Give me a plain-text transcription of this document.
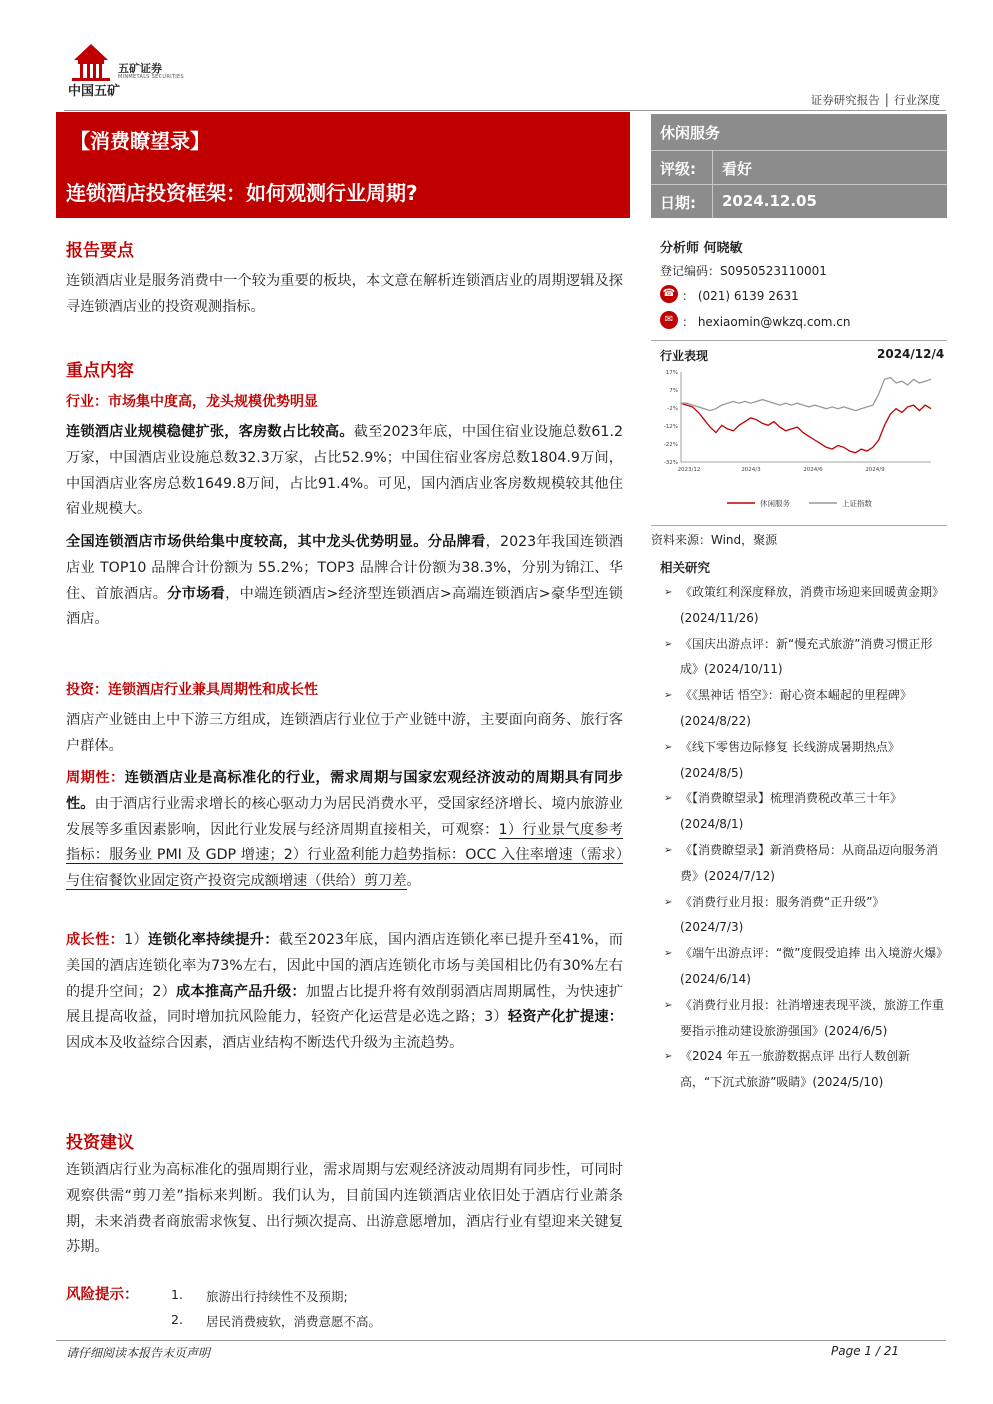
中国五矿
五矿证券
MINMETALS SECURITIES
证券研究报告 │ 行业深度
【消费瞭望录】
连锁酒店投资框架：如何观测行业周期?
休闲服务
评级: 看好
日期: 2024.12.05
分析师 何晓敏
登记编码：S0950523110001
☎ ： (021) 6139 2631
✉ ： hexiaomin@wkzq.com.cn
行业表现	2024/12/4
17%
7%
-2%
-12%
-22%
-32%
2023/12	2024/3	2024/6	2024/9
休闲服务	上证指数
资料来源：Wind，聚源
相关研究
➢ 《政策红利深度释放，消费市场迎来回暖黄金期》(2024/11/26)
➢ 《国庆出游点评：新“慢充式旅游”消费习惯正形成》(2024/10/11)
➢ 《《黑神话 悟空》：耐心资本崛起的里程碑》(2024/8/22)
➢ 《线下零售边际修复 长线游成暑期热点》(2024/8/5)
➢ 《【消费瞭望录】梳理消费税改革三十年》(2024/8/1)
➢ 《【消费瞭望录】新消费格局：从商品迈向服务消费》(2024/7/12)
➢ 《消费行业月报：服务消费“正升级”》(2024/7/3)
➢ 《端午出游点评：“微”度假受追捧 出入境游火爆》(2024/6/14)
➢ 《消费行业月报：社消增速表现平淡，旅游工作重要指示推动建设旅游强国》(2024/6/5)
➢ 《2024 年五一旅游数据点评 出行人数创新高，“下沉式旅游”吸睛》(2024/5/10)
报告要点
连锁酒店业是服务消费中一个较为重要的板块，本文意在解析连锁酒店业的周期逻辑及探寻连锁酒店业的投资观测指标。
重点内容
行业：市场集中度高，龙头规模优势明显
连锁酒店业规模稳健扩张，客房数占比较高。截至2023年底，中国住宿业设施总数61.2万家，中国酒店业设施总数32.3万家，占比52.9%；中国住宿业客房总数1804.9万间，中国酒店业客房总数1649.8万间，占比91.4%。可见，国内酒店业客房数规模较其他住宿业规模大。
全国连锁酒店市场供给集中度较高，其中龙头优势明显。分品牌看，2023年我国连锁酒店业 TOP10 品牌合计份额为 55.2%；TOP3 品牌合计份额为38.3%，分别为锦江、华住、首旅酒店。分市场看，中端连锁酒店>经济型连锁酒店>高端连锁酒店>豪华型连锁酒店。
投资：连锁酒店行业兼具周期性和成长性
酒店产业链由上中下游三方组成，连锁酒店行业位于产业链中游，主要面向商务、旅行客户群体。
周期性：连锁酒店业是高标准化的行业，需求周期与国家宏观经济波动的周期具有同步性。由于酒店行业需求增长的核心驱动力为居民消费水平，受国家经济增长、境内旅游业发展等多重因素影响，因此行业发展与经济周期直接相关，可观察：1）行业景气度参考指标：服务业 PMI 及 GDP 增速；2）行业盈利能力趋势指标：OCC 入住率增速（需求）与住宿餐饮业固定资产投资完成额增速（供给）剪刀差。
成长性：1）连锁化率持续提升：截至2023年底，国内酒店连锁化率已提升至41%，而美国的酒店连锁化率为73%左右，因此中国的酒店连锁化市场与美国相比仍有30%左右的提升空间；2）成本推高产品升级：加盟占比提升将有效削弱酒店周期属性，为快速扩展且提高收益，同时增加抗风险能力，轻资产化运营是必选之路；3）轻资产化扩提速：因成本及收益综合因素，酒店业结构不断迭代升级为主流趋势。
投资建议
连锁酒店行业为高标准化的强周期行业，需求周期与宏观经济波动周期有同步性，可同时观察供需“剪刀差”指标来判断。我们认为，目前国内连锁酒店业依旧处于酒店行业萧条期，未来消费者商旅需求恢复、出行频次提高、出游意愿增加，酒店行业有望迎来关键复苏期。
风险提示：	1. 旅游出行持续性不及预期;
2. 居民消费疲软，消费意愿不高。
请仔细阅读本报告末页声明	Page 1 / 21
